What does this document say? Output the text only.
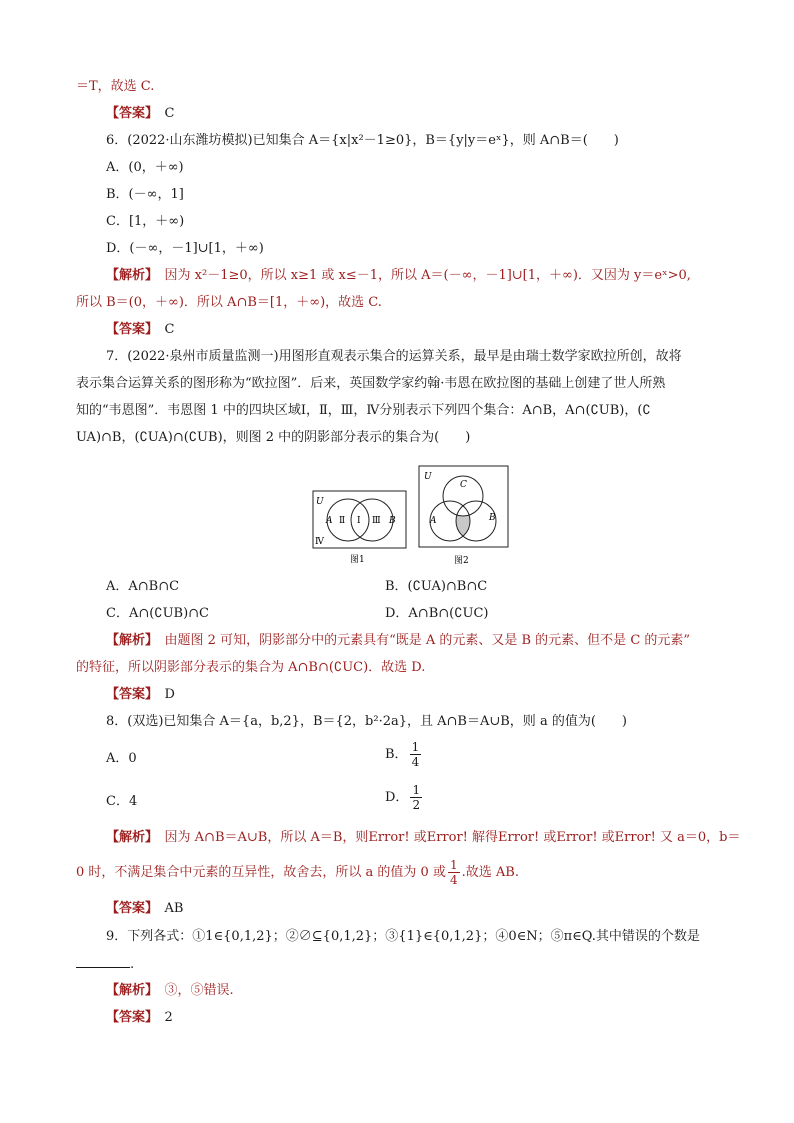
＝T，故选 C.
【答案】　 C
6．(2022·山东潍坊模拟)已知集合 A＝{x|x²－1≥0}，B＝{y|y＝eˣ}，则 A∩B＝(　　)
A．(0，＋∞)
B．(－∞，1]
C．[1，＋∞)
D．(－∞，－1]∪[1，＋∞)
【解析】　 因为 x²－1≥0，所以 x≥1 或 x≤－1，所以 A＝(－∞，－1]∪[1，＋∞)．又因为 y＝eˣ>0,
所以 B＝(0，＋∞)．所以 A∩B＝[1，＋∞)，故选 C.
【答案】　 C
7．(2022·泉州市质量监测一)用图形直观表示集合的运算关系，最早是由瑞士数学家欧拉所创，故将
表示集合运算关系的图形称为“欧拉图”．后来，英国数学家约翰·韦恩在欧拉图的基础上创建了世人所熟
知的“韦恩图”．韦恩图 1 中的四块区域Ⅰ，Ⅱ，Ⅲ，Ⅳ分别表示下列四个集合：A∩B，A∩(∁UB)，(∁
UA)∩B，(∁UA)∩(∁UB)，则图 2 中的阴影部分表示的集合为(　　)
U
A Ⅱ Ⅰ Ⅲ B
Ⅳ
图1
U
C
A	B
图2
A．A∩B∩C	B．(∁UA)∩B∩C
C．A∩(∁UB)∩C	D．A∩B∩(∁UC)
【解析】　 由题图 2 可知，阴影部分中的元素具有“既是 A 的元素、又是 B 的元素、但不是 C 的元素”
的特征，所以阴影部分表示的集合为 A∩B∩(∁UC)．故选 D.
【答案】　 D
8．(双选)已知集合 A＝{a，b,2}，B＝{2，b²·2a}，且 A∩B＝A∪B，则 a 的值为(　　)
A．0	B． $\frac{1}{4}$
C．4	D． $\frac{1}{2}$
【解析】　 因为 A∩B＝A∪B，所以 A＝B，则Error! 或Error! 解得Error! 或Error! 或Error! 又 a＝0，b＝
0 时，不满足集合中元素的互异性，故舍去，所以 a 的值为 0 或 $\frac{1}{4}$ .故选 AB.
【答案】　 AB
9．下列各式：①1∈{0,1,2}；②∅⊆{0,1,2}；③{1}∈{0,1,2}；④0∈N；⑤π∈Q.其中错误的个数是
.
【解析】　 ③，⑤错误.
【答案】　 2
